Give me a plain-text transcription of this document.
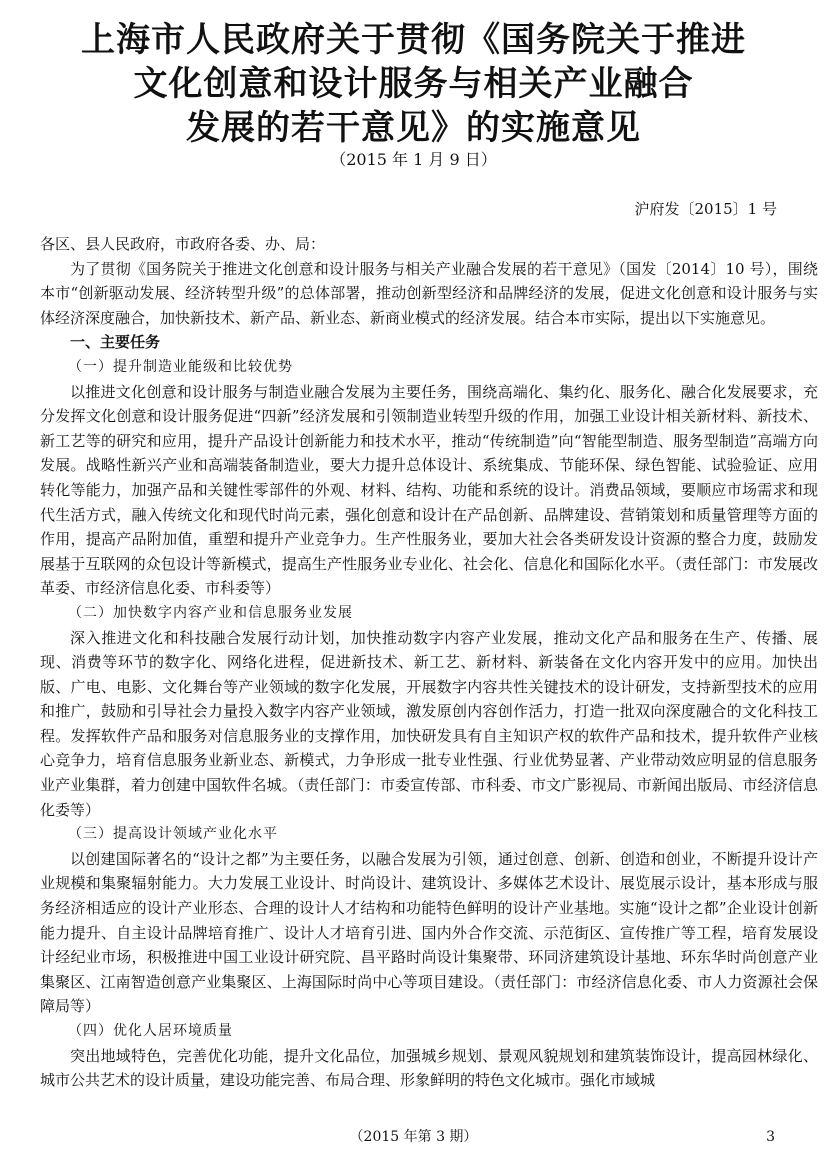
上海市人民政府关于贯彻《国务院关于推进
文化创意和设计服务与相关产业融合
发展的若干意见》的实施意见
（2015 年 1 月 9 日）
沪府发〔2015〕1 号

各区、县人民政府，市政府各委、办、局：

为了贯彻《国务院关于推进文化创意和设计服务与相关产业融合发展的若干意见》（国发〔2014〕10 号），围绕本市“创新驱动发展、经济转型升级”的总体部署，推动创新型经济和品牌经济的发展，促进文化创意和设计服务与实体经济深度融合，加快新技术、新产品、新业态、新商业模式的经济发展。结合本市实际，提出以下实施意见。

一、主要任务

（一）提升制造业能级和比较优势

以推进文化创意和设计服务与制造业融合发展为主要任务，围绕高端化、集约化、服务化、融合化发展要求，充分发挥文化创意和设计服务促进“四新”经济发展和引领制造业转型升级的作用，加强工业设计相关新材料、新技术、新工艺等的研究和应用，提升产品设计创新能力和技术水平，推动“传统制造”向“智能型制造、服务型制造”高端方向发展。战略性新兴产业和高端装备制造业，要大力提升总体设计、系统集成、节能环保、绿色智能、试验验证、应用转化等能力，加强产品和关键性零部件的外观、材料、结构、功能和系统的设计。消费品领域，要顺应市场需求和现代生活方式，融入传统文化和现代时尚元素，强化创意和设计在产品创新、品牌建设、营销策划和质量管理等方面的作用，提高产品附加值，重塑和提升产业竞争力。生产性服务业，要加大社会各类研发设计资源的整合力度，鼓励发展基于互联网的众包设计等新模式，提高生产性服务业专业化、社会化、信息化和国际化水平。（责任部门：市发展改革委、市经济信息化委、市科委等）

（二）加快数字内容产业和信息服务业发展

深入推进文化和科技融合发展行动计划，加快推动数字内容产业发展，推动文化产品和服务在生产、传播、展现、消费等环节的数字化、网络化进程，促进新技术、新工艺、新材料、新装备在文化内容开发中的应用。加快出版、广电、电影、文化舞台等产业领域的数字化发展，开展数字内容共性关键技术的设计研发，支持新型技术的应用和推广，鼓励和引导社会力量投入数字内容产业领域，激发原创内容创作活力，打造一批双向深度融合的文化科技工程。发挥软件产品和服务对信息服务业的支撑作用，加快研发具有自主知识产权的软件产品和技术，提升软件产业核心竞争力，培育信息服务业新业态、新模式，力争形成一批专业性强、行业优势显著、产业带动效应明显的信息服务业产业集群，着力创建中国软件名城。（责任部门：市委宣传部、市科委、市文广影视局、市新闻出版局、市经济信息化委等）

（三）提高设计领域产业化水平

以创建国际著名的“设计之都”为主要任务，以融合发展为引领，通过创意、创新、创造和创业，不断提升设计产业规模和集聚辐射能力。大力发展工业设计、时尚设计、建筑设计、多媒体艺术设计、展览展示设计，基本形成与服务经济相适应的设计产业形态、合理的设计人才结构和功能特色鲜明的设计产业基地。实施“设计之都”企业设计创新能力提升、自主设计品牌培育推广、设计人才培育引进、国内外合作交流、示范街区、宣传推广等工程，培育发展设计经纪业市场，积极推进中国工业设计研究院、昌平路时尚设计集聚带、环同济建筑设计基地、环东华时尚创意产业集聚区、江南智造创意产业集聚区、上海国际时尚中心等项目建设。（责任部门：市经济信息化委、市人力资源社会保障局等）

（四）优化人居环境质量

突出地域特色，完善优化功能，提升文化品位，加强城乡规划、景观风貌规划和建筑装饰设计，提高园林绿化、城市公共艺术的设计质量，建设功能完善、布局合理、形象鲜明的特色文化城市。强化市域城

（2015 年第 3 期）	3
